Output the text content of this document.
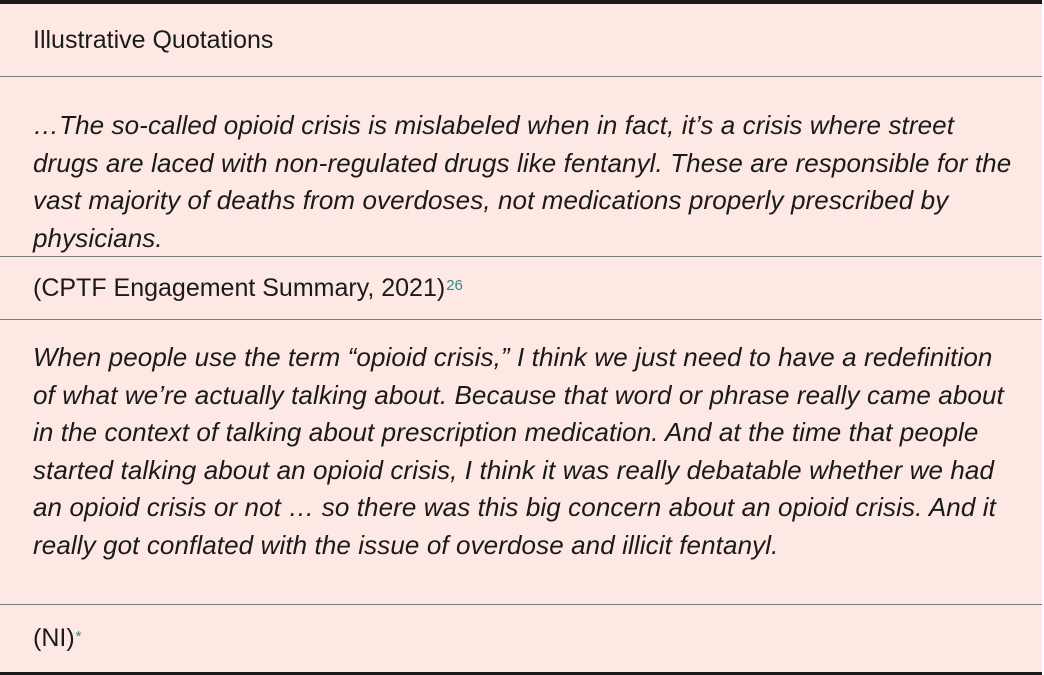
Illustrative Quotations
…The so-called opioid crisis is mislabeled when in fact, it’s a crisis where street drugs are laced with non-regulated drugs like fentanyl. These are responsible for the vast majority of deaths from overdoses, not medications properly prescribed by physicians.
(CPTF Engagement Summary, 2021) 26
When people use the term “opioid crisis,” I think we just need to have a redefinition of what we’re actually talking about. Because that word or phrase really came about in the context of talking about prescription medication. And at the time that people started talking about an opioid crisis, I think it was really debatable whether we had an opioid crisis or not … so there was this big concern about an opioid crisis. And it really got conflated with the issue of overdose and illicit fentanyl.
(NI) *
